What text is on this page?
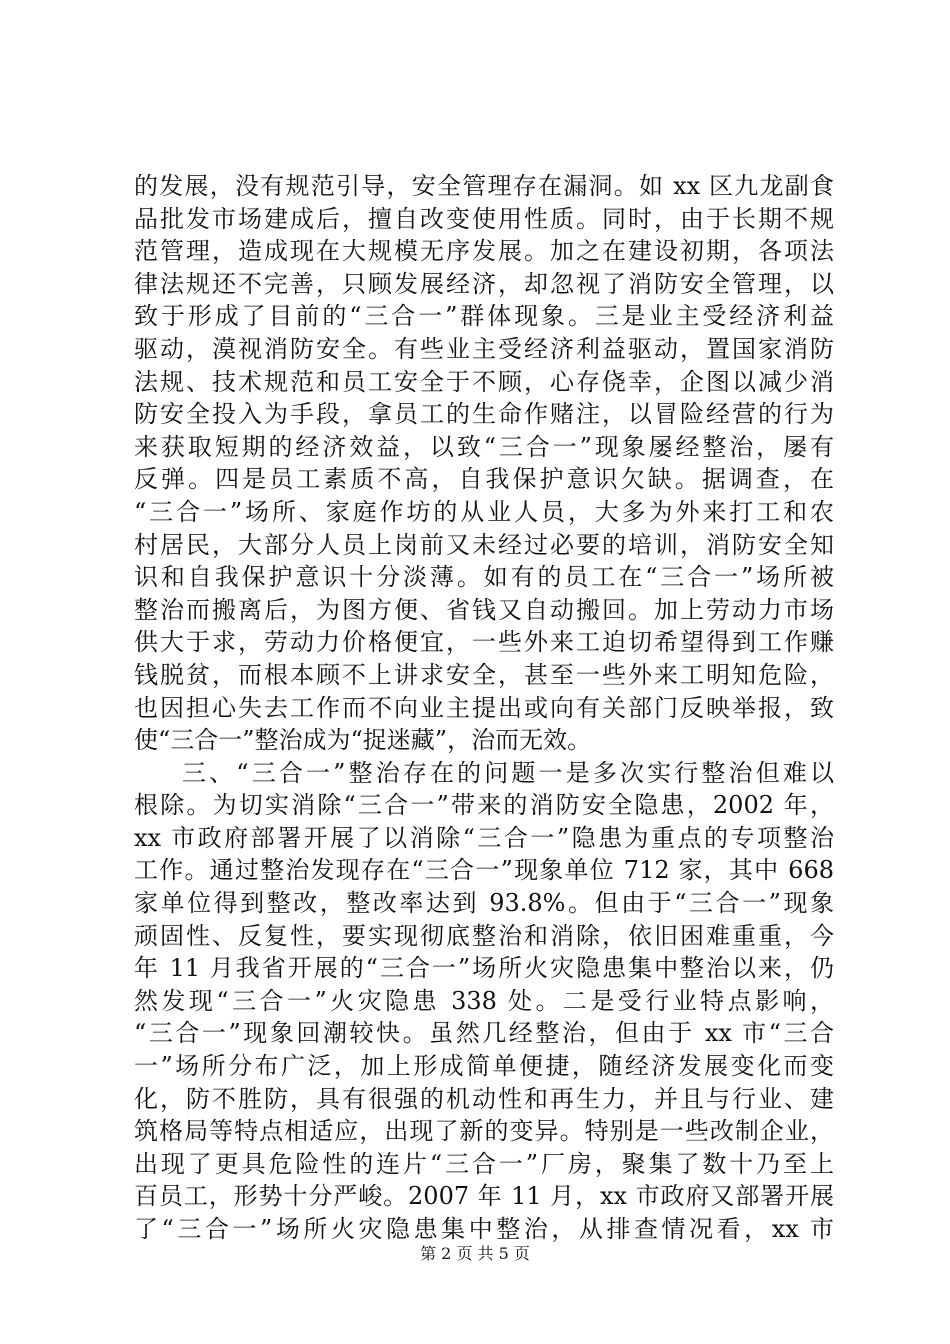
的发展，没有规范引导，安全管理存在漏洞。如 xx 区九龙副食
品批发市场建成后，擅自改变使用性质。同时，由于长期不规
范管理，造成现在大规模无序发展。加之在建设初期，各项法
律法规还不完善，只顾发展经济，却忽视了消防安全管理，以
致于形成了目前的“三合一”群体现象。三是业主受经济利益
驱动，漠视消防安全。有些业主受经济利益驱动，置国家消防
法规、技术规范和员工安全于不顾，心存侥幸，企图以减少消
防安全投入为手段，拿员工的生命作赌注，以冒险经营的行为
来获取短期的经济效益，以致“三合一”现象屡经整治，屡有
反弹。四是员工素质不高，自我保护意识欠缺。据调查，在
“三合一”场所、家庭作坊的从业人员，大多为外来打工和农
村居民，大部分人员上岗前又未经过必要的培训，消防安全知
识和自我保护意识十分淡薄。如有的员工在“三合一”场所被
整治而搬离后，为图方便、省钱又自动搬回。加上劳动力市场
供大于求，劳动力价格便宜，一些外来工迫切希望得到工作赚
钱脱贫，而根本顾不上讲求安全，甚至一些外来工明知危险，
也因担心失去工作而不向业主提出或向有关部门反映举报，致
使“三合一”整治成为“捉迷藏”，治而无效。
三、“三合一”整治存在的问题一是多次实行整治但难以
根除。为切实消除“三合一”带来的消防安全隐患，2002 年，
xx 市政府部署开展了以消除“三合一”隐患为重点的专项整治
工作。通过整治发现存在“三合一”现象单位 712 家，其中 668
家单位得到整改，整改率达到 93.8%。但由于“三合一”现象
顽固性、反复性，要实现彻底整治和消除，依旧困难重重，今
年 11 月我省开展的“三合一”场所火灾隐患集中整治以来，仍
然发现“三合一”火灾隐患 338 处。二是受行业特点影响，
“三合一”现象回潮较快。虽然几经整治，但由于 xx 市“三合
一”场所分布广泛，加上形成简单便捷，随经济发展变化而变
化，防不胜防，具有很强的机动性和再生力，并且与行业、建
筑格局等特点相适应，出现了新的变异。特别是一些改制企业，
出现了更具危险性的连片“三合一”厂房，聚集了数十乃至上
百员工，形势十分严峻。2007 年 11 月，xx 市政府又部署开展
了“三合一”场所火灾隐患集中整治，从排查情况看，xx 市
第 2 页 共 5 页
